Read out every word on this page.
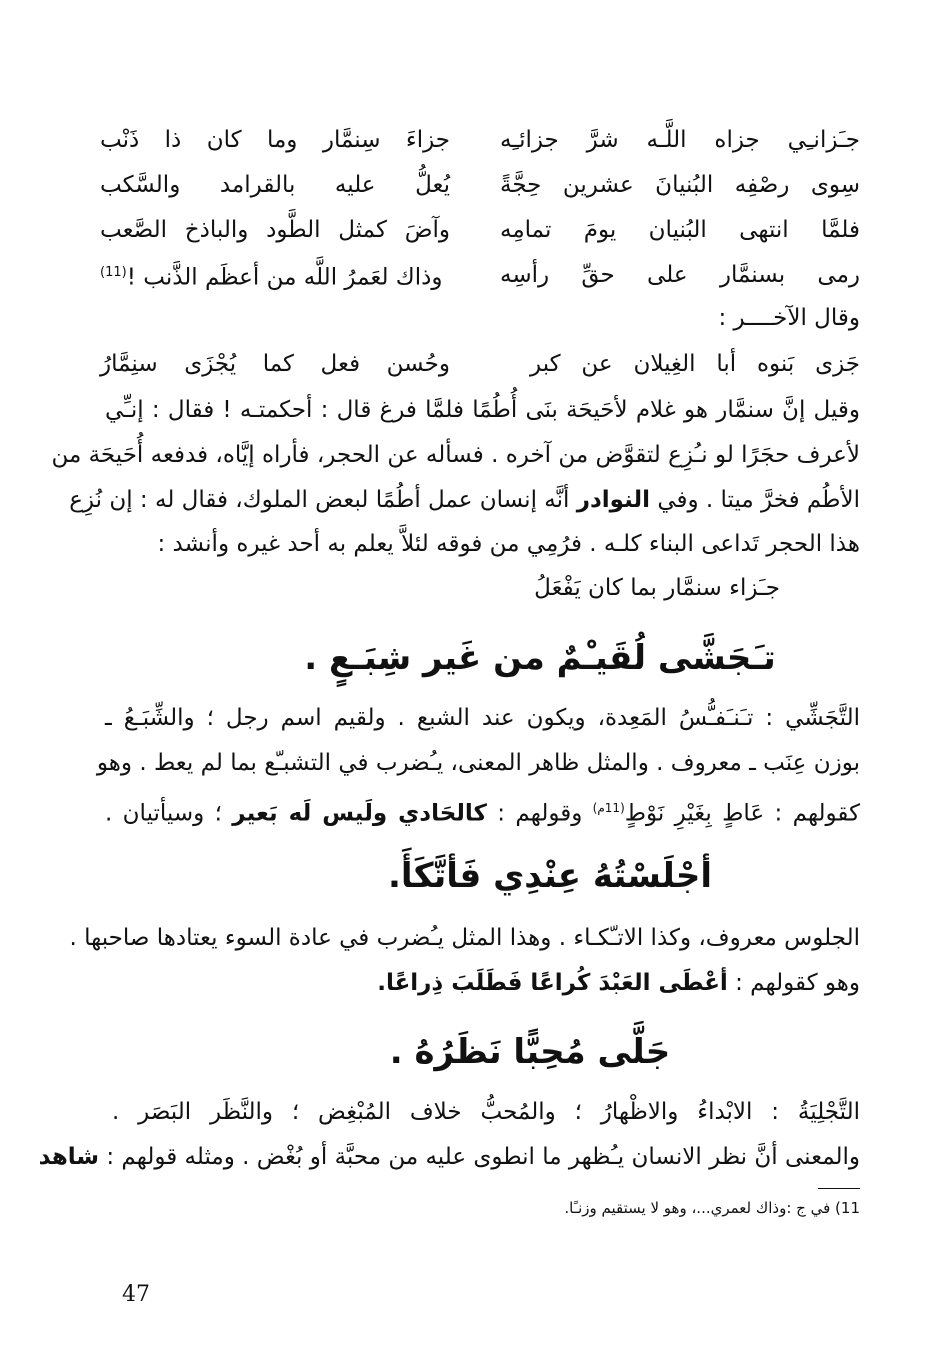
جـَزانـِي جزاه اللَّـه شرَّ جزائـِه
جزاءَ سِنمَّار وما كان ذا ذَنْب
سِوى رصْفِه البُنيانَ عشرين حِجَّةً
يُعلُّ عليه بالقرامد والسَّكب
فلمَّا انتهى البُنيان يومَ تمامِه
وآضَ كمثل الطَّود والباذخ الصَّعب
رمى بسنمَّار على حقِّ رأسِه
وذاك لعَمرُ اللَّه من أعظَم الذَّنب !$^{(11)}$
وقال الآخــــر :
جَزى بَنوه أبا الغِيلان عن كبر
وحُسن فعل كما يُجْزَى سنِمَّارُ
وقيل إنَّ سنمَّار هو غلام لأحَيحَة بنَى أُطُمًا فلمَّا فرغ قال : أحكمتـه ! فقال : إنـِّي
لأعرف حجَرًا لو نـُزِع لتقوَّض من آخره . فسأله عن الحجر، فأراه إيَّاه، فدفعه أُحَيحَة من
الأطُم فخرَّ ميتا . وفي النوادر أنَّه إنسان عمل أطُمًا لبعض الملوك، فقال له : إن نُزِع
هذا الحجر تَداعى البناء كلـه . فرُمِي من فوقه لئلاَّ يعلم به أحد غيره وأنشد :
جـَزاء سنمَّار بما كان يَفْعَلُ
تـَجَشَّى لُقَيـْمٌ من غَير شِبَـعٍ .
التَّجَشِّي : تـَنـَفـُّسُ المَعِدة، ويكون عند الشبع . ولقيم اسم رجل ؛ والشِّبَـعُ ـ
بوزن عِنَب ـ معروف . والمثل ظاهر المعنى، يـُضرب في التشبـّع بما لم يعط . وهو
كقولهم : عَاطٍ بِغَيْرِ نَوْطٍ$^{(11م)}$ وقولهم : كالحَادي ولَيس لَه بَعير ؛ وسيأتيان .
أجْلَسْتُهُ عِنْدِي فَأتَّكَأَ.
الجلوس معروف، وكذا الاتـّكـاء . وهذا المثل يـُضرب في عادة السوء يعتادها صاحبها .
وهو كقولهم : أعْطَى العَبْدَ كُراعًا فَطَلَبَ ذِراعًا.
جَلَّى مُحِبًّا نَظَرُهُ .
التَّجْلِيَةُ : الابْداءُ والاظْهارُ ؛ والمُحبُّ خلاف المُبْغِض ؛ والنَّظَر البَصَر .
والمعنى أنَّ نظر الانسان يـُظهر ما انطوى عليه من محبَّة أو بُغْض . ومثله قولهم : شاهد
11) في ج :وذاك لعمري...، وهو لا يستقيم وزنـًا.
47
